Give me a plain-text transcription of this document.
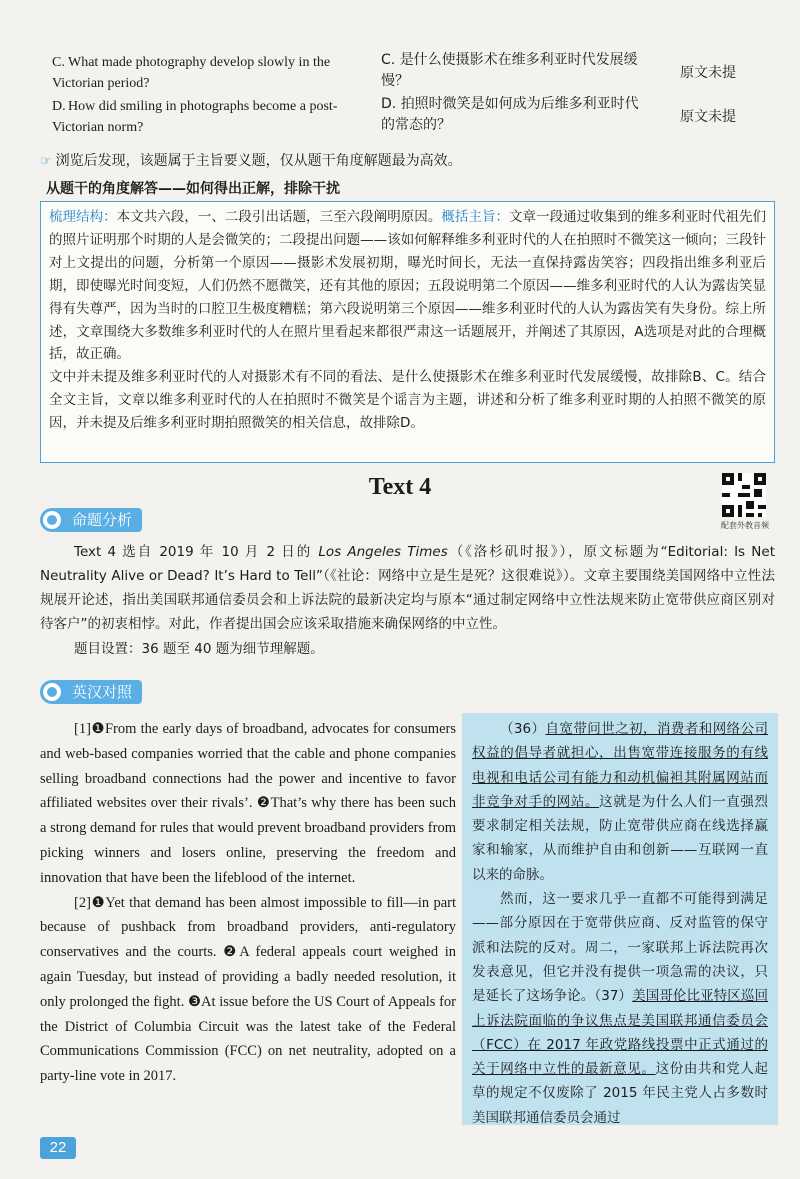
C. What made photography develop slowly in the Victorian period?
C. 是什么使摄影术在维多利亚时代发展缓慢？	原文未提
D. How did smiling in photographs become a post-Victorian norm?
D. 拍照时微笑是如何成为后维多利亚时代的常态的？	原文未提
☞ 浏览后发现，该题属于主旨要义题，仅从题干角度解题最为高效。
从题干的角度解答——如何得出正解，排除干扰
梳理结构：本文共六段，一、二段引出话题，三至六段阐明原因。概括主旨：文章一段通过收集到的维多利亚时代祖先们的照片证明那个时期的人是会微笑的；二段提出问题——该如何解释维多利亚时代的人在拍照时不微笑这一倾向；三段针对上文提出的问题，分析第一个原因——摄影术发展初期，曝光时间长，无法一直保持露齿笑容；四段指出维多利亚后期，即使曝光时间变短，人们仍然不愿微笑，还有其他的原因；五段说明第二个原因——维多利亚时代的人认为露齿笑显得有失尊严，因为当时的口腔卫生极度糟糕；第六段说明第三个原因——维多利亚时代的人认为露齿笑有失身份。综上所述，文章围绕大多数维多利亚时代的人在照片里看起来都很严肃这一话题展开，并阐述了其原因，A选项是对此的合理概括，故正确。
文中并未提及维多利亚时代的人对摄影术有不同的看法、是什么使摄影术在维多利亚时代发展缓慢，故排除B、C。结合全文主旨，文章以维多利亚时代的人在拍照时不微笑是个谣言为主题，讲述和分析了维多利亚时期的人拍照不微笑的原因，并未提及后维多利亚时期拍照微笑的相关信息，故排除D。
Text 4
配套外教音频
命题分析
Text 4 选自 2019 年 10 月 2 日的 Los Angeles Times（《洛杉矶时报》），原文标题为“Editorial: Is Net Neutrality Alive or Dead? It’s Hard to Tell”（《社论：网络中立是生是死？这很难说》）。文章主要围绕美国网络中立性法规展开论述，指出美国联邦通信委员会和上诉法院的最新决定均与原本“通过制定网络中立性法规来防止宽带供应商区别对待客户”的初衷相悖。对此，作者提出国会应该采取措施来确保网络的中立性。
题目设置：36 题至 40 题为细节理解题。
英汉对照

[1]❶From the early days of broadband, advocates for consumers and web-based companies worried that the cable and phone companies selling broadband connections had the power and incentive to favor affiliated websites over their rivals’. ❷That’s why there has been such a strong demand for rules that would prevent broadband providers from picking winners and losers online, preserving the freedom and innovation that have been the lifeblood of the internet.

[2]❶Yet that demand has been almost impossible to fill—in part because of pushback from broadband providers, anti-regulatory conservatives and the courts. ❷A federal appeals court weighed in again Tuesday, but instead of providing a badly needed resolution, it only prolonged the fight. ❸At issue before the US Court of Appeals for the District of Columbia Circuit was the latest take of the Federal Communications Commission (FCC) on net neutrality, adopted on a party-line vote in 2017.

（36）自宽带问世之初，消费者和网络公司权益的倡导者就担心，出售宽带连接服务的有线电视和电话公司有能力和动机偏袒其附属网站而非竞争对手的网站。这就是为什么人们一直强烈要求制定相关法规，防止宽带供应商在线选择赢家和输家，从而维护自由和创新——互联网一直以来的命脉。

然而，这一要求几乎一直都不可能得到满足——部分原因在于宽带供应商、反对监管的保守派和法院的反对。周二，一家联邦上诉法院再次发表意见，但它并没有提供一项急需的决议，只是延长了这场争论。（37）美国哥伦比亚特区巡回上诉法院面临的争议焦点是美国联邦通信委员会（FCC）在 2017 年政党路线投票中正式通过的关于网络中立性的最新意见。这份由共和党人起草的规定不仅废除了 2015 年民主党人占多数时美国联邦通信委员会通过

22
